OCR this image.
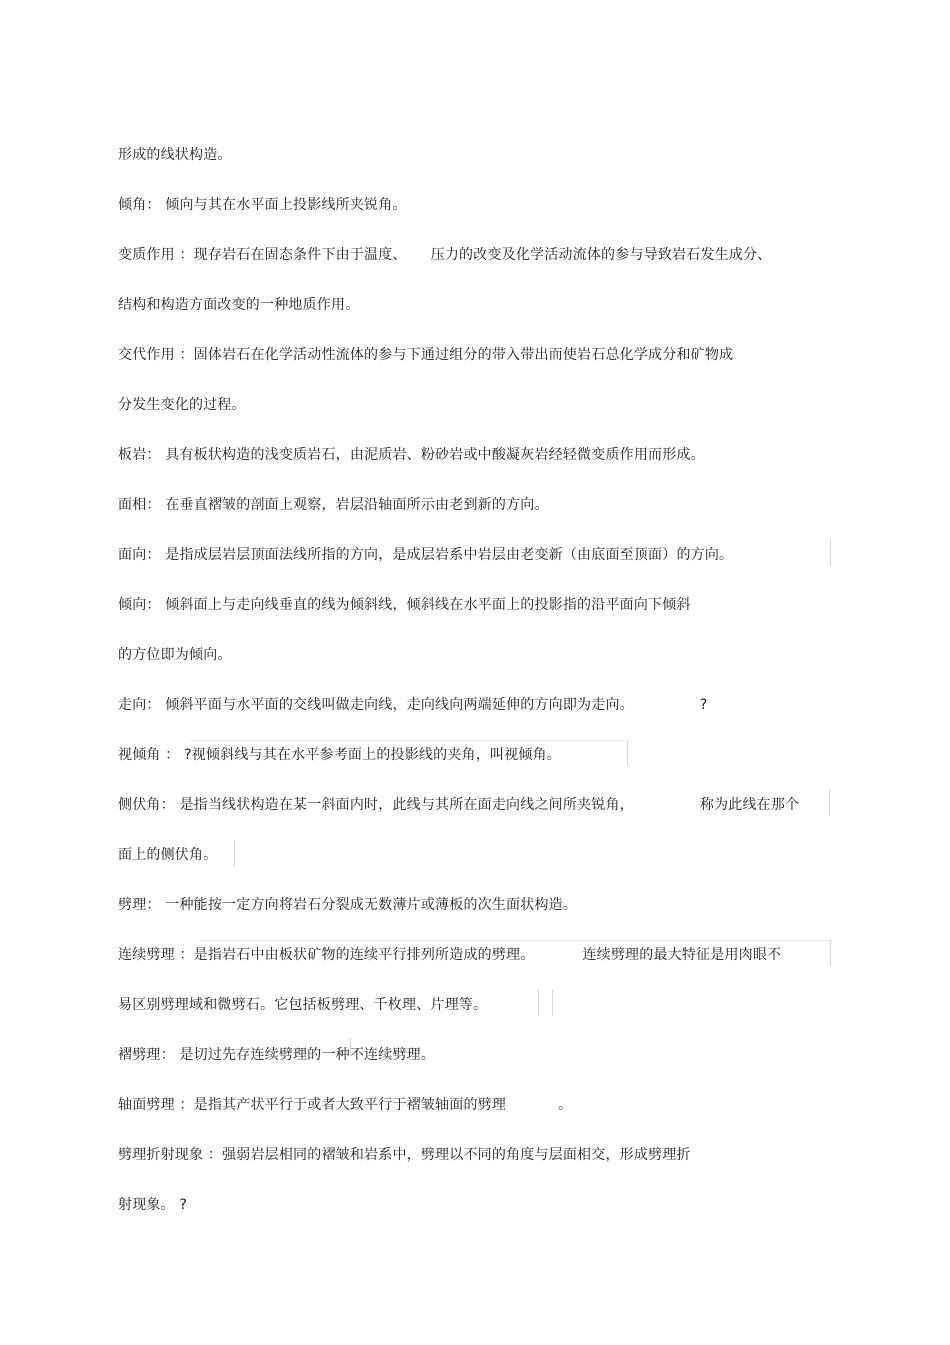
形成的线状构造。
倾角： 倾向与其在水平面上投影线所夹锐角。
变质作用 ：现存岩石在固态条件下由于温度、 压力的改变及化学活动流体的参与导致岩石发生成分、
结构和构造方面改变的一种地质作用。
交代作用 ：固体岩石在化学活动性流体的参与下通过组分的带入带出而使岩石总化学成分和矿物成
分发生变化的过程。
板岩： 具有板状构造的浅变质岩石，由泥质岩、粉砂岩或中酸凝灰岩经轻微变质作用而形成。
面相： 在垂直褶皱的剖面上观察，岩层沿轴面所示由老到新的方向。
面向： 是指成层岩层顶面法线所指的方向，是成层岩系中岩层由老变新（由底面至顶面）的方向。
倾向： 倾斜面上与走向线垂直的线为倾斜线，倾斜线在水平面上的投影指的沿平面向下倾斜
的方位即为倾向。
走向： 倾斜平面与水平面的交线叫做走向线，走向线向两端延伸的方向即为走向。	?
视倾角 ： ?视倾斜线与其在水平参考面上的投影线的夹角，叫视倾角。
侧伏角： 是指当线状构造在某一斜面内时，此线与其所在面走向线之间所夹锐角，	称为此线在那个
面上的侧伏角。
劈理： 一种能按一定方向将岩石分裂成无数薄片或薄板的次生面状构造。
连续劈理 ：是指岩石中由板状矿物的连续平行排列所造成的劈理。	连续劈理的最大特征是用肉眼不
易区别劈理域和微劈石。它包括板劈理、千枚理、片理等。
褶劈理： 是切过先存连续劈理的一种不连续劈理。
轴面劈理 ：是指其产状平行于或者大致平行于褶皱轴面的劈理	。
劈理折射现象 ：强弱岩层相同的褶皱和岩系中，劈理以不同的角度与层面相交，形成劈理折
射现象。 ?
